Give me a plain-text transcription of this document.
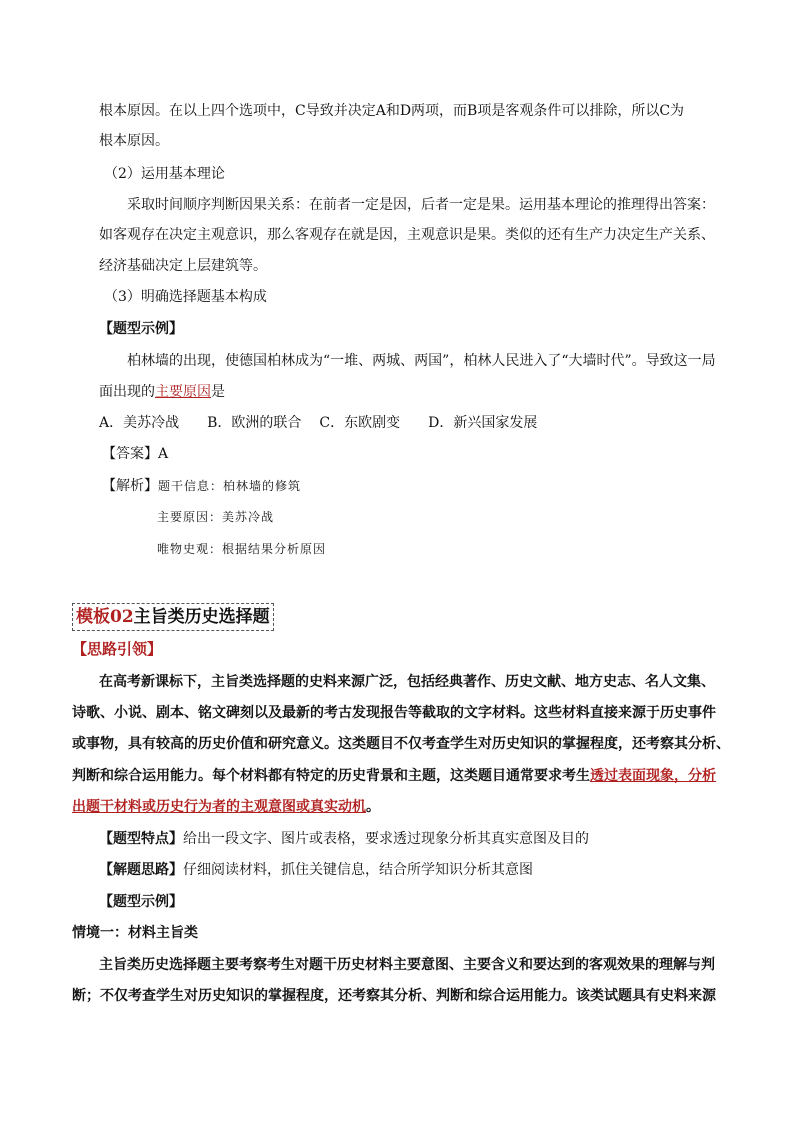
根本原因。在以上四个选项中，C导致并决定A和D两项，而B项是客观条件可以排除，所以C为
根本原因。
（2）运用基本理论
采取时间顺序判断因果关系：在前者一定是因，后者一定是果。运用基本理论的推理得出答案：
如客观存在决定主观意识，那么客观存在就是因，主观意识是果。类似的还有生产力决定生产关系、
经济基础决定上层建筑等。
（3）明确选择题基本构成
【题型示例】
柏林墙的出现，使德国柏林成为“一堆、两城、两国”，柏林人民进入了“大墙时代”。导致这一局
面出现的主要原因是
A．美苏冷战 B．欧洲的联合 C．东欧剧变 D．新兴国家发展
【答案】A
【解析】题干信息：柏林墙的修筑
主要原因：美苏冷战
唯物史观：根据结果分析原因
模板02主旨类历史选择题
【思路引领】
在高考新课标下，主旨类选择题的史料来源广泛，包括经典著作、历史文献、地方史志、名人文集、
诗歌、小说、剧本、铭文碑刻以及最新的考古发现报告等截取的文字材料。这些材料直接来源于历史事件
或事物，具有较高的历史价值和研究意义。这类题目不仅考查学生对历史知识的掌握程度，还考察其分析、
判断和综合运用能力。每个材料都有特定的历史背景和主题，这类题目通常要求考生透过表面现象，分析
出题干材料或历史行为者的主观意图或真实动机。
【题型特点】给出一段文字、图片或表格，要求透过现象分析其真实意图及目的
【解题思路】仔细阅读材料，抓住关键信息，结合所学知识分析其意图
【题型示例】
情境一：材料主旨类
主旨类历史选择题主要考察考生对题干历史材料主要意图、主要含义和要达到的客观效果的理解与判
断；不仅考查学生对历史知识的掌握程度，还考察其分析、判断和综合运用能力。该类试题具有史料来源
